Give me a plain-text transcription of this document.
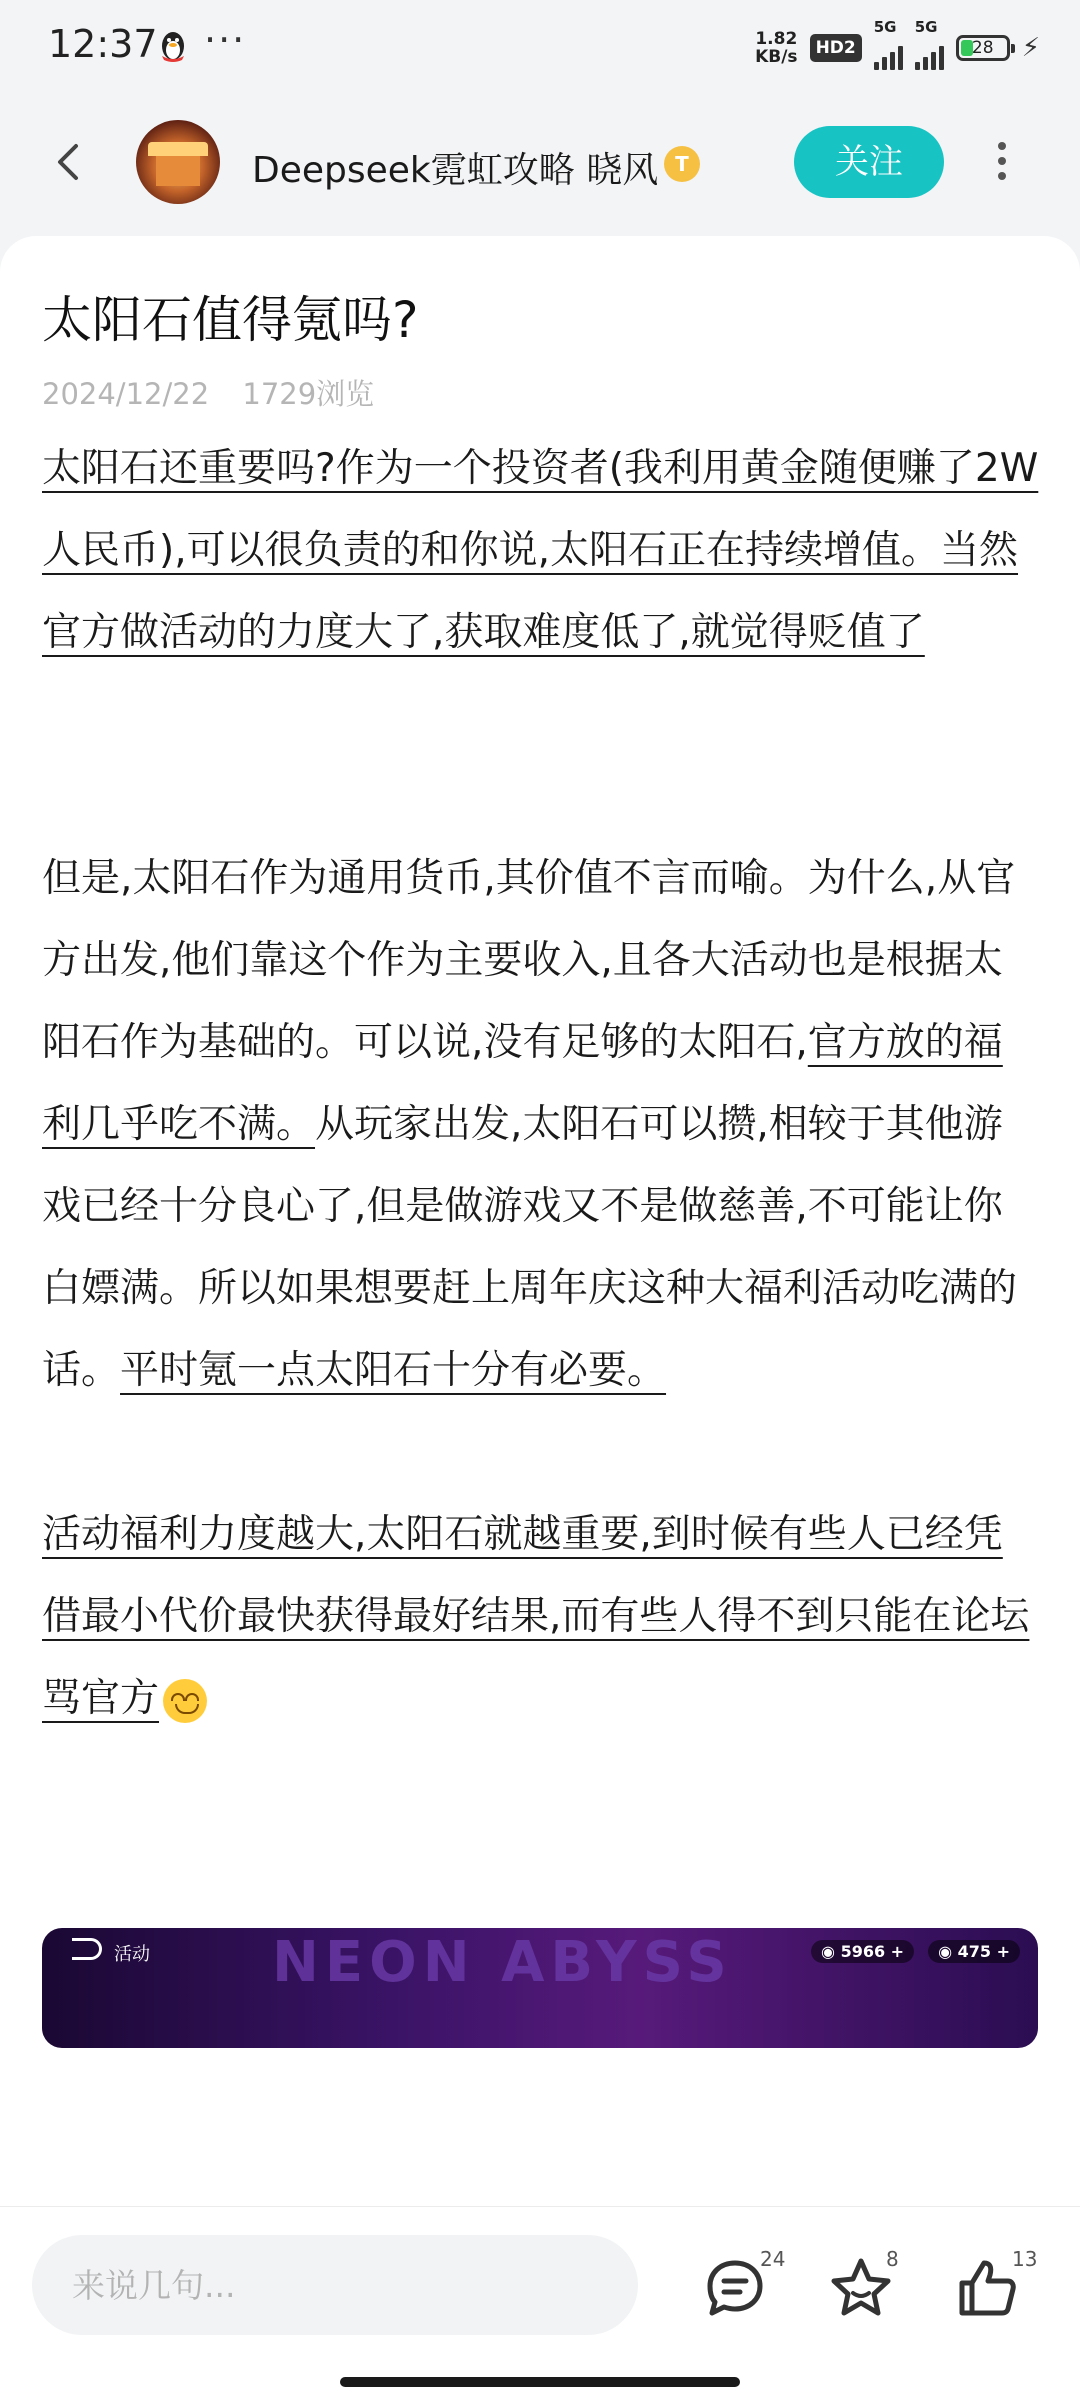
12:37 ···	1.82
KB/s	HD2
5G 5G
28	⚡
Deepseek霓虹攻略 晓风 T	关注
太阳石值得氪吗?
2024/12/22 1729浏览

太阳石还重要吗?作为一个投资者(我利用黄金随便赚了2W人民币),可以很负责的和你说,太阳石正在持续增值。当然官方做活动的力度大了,获取难度低了,就觉得贬值了

但是,太阳石作为通用货币,其价值不言而喻。为什么,从官方出发,他们靠这个作为主要收入,且各大活动也是根据太阳石作为基础的。可以说,没有足够的太阳石,官方放的福利几乎吃不满。从玩家出发,太阳石可以攒,相较于其他游戏已经十分良心了,但是做游戏又不是做慈善,不可能让你白嫖满。所以如果想要赶上周年庆这种大福利活动吃满的话。平时氪一点太阳石十分有必要。

活动福利力度越大,太阳石就越重要,到时候有些人已经凭借最小代价最快获得最好结果,而有些人得不到只能在论坛骂官方

活动 NEON ABYSS	◉ 5966 +	◉ 475 +
来说几句...
24	8	13
